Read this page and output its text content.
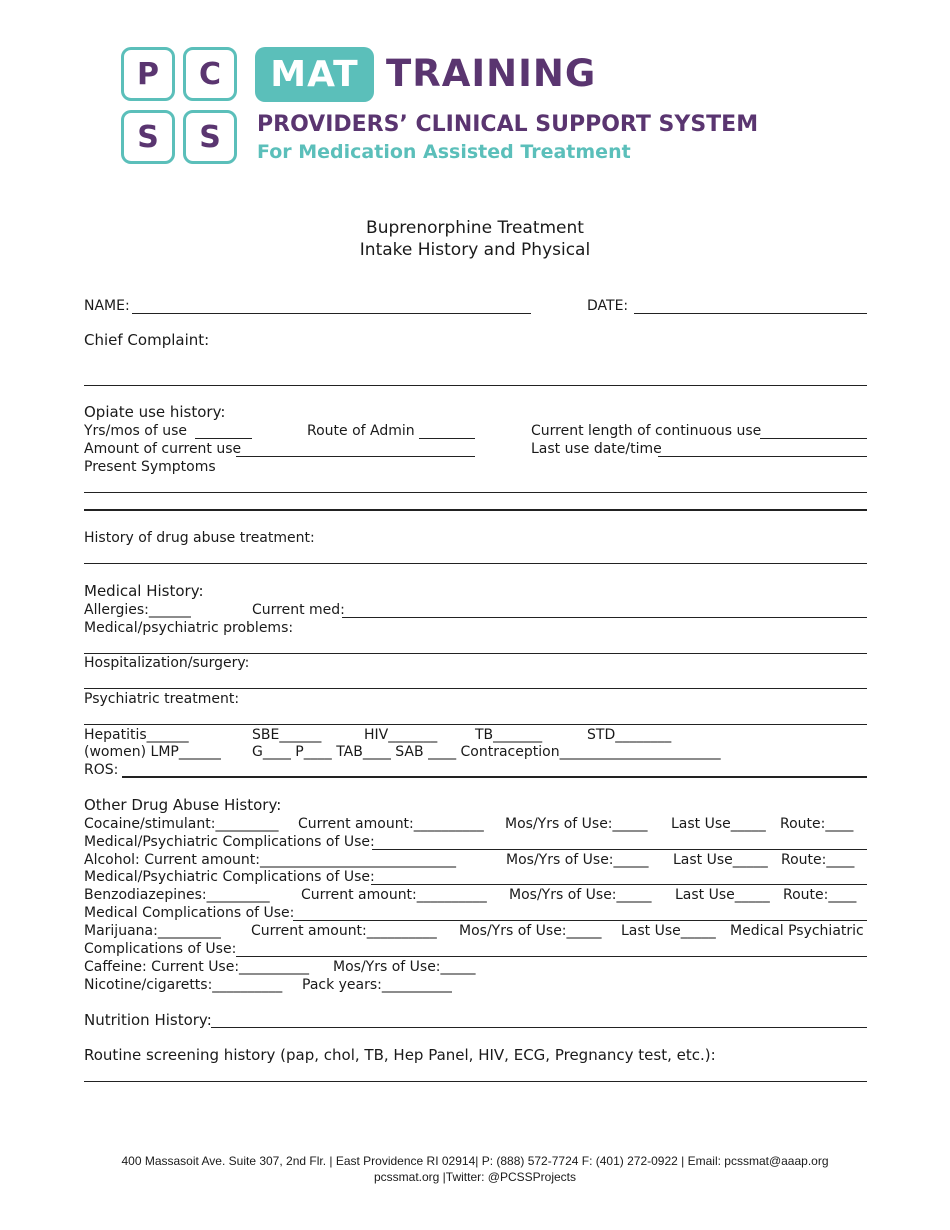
P	C
S	S
MAT TRAINING
PROVIDERS’ CLINICAL SUPPORT SYSTEM
For Medication Assisted Treatment
Buprenorphine Treatment
Intake History and Physical
NAME:	DATE:
Chief Complaint:
Opiate use history:
Yrs/mos of use	Route of Admin	Current length of continuous use
Amount of current use	Last use date/time
Present Symptoms
History of drug abuse treatment:
Medical History:
Allergies:______	Current med:
Medical/psychiatric problems:
Hospitalization/surgery:
Psychiatric treatment:
Hepatitis______	SBE______	HIV_______	TB_______	STD________
(women) LMP______ G____ P____ TAB____ SAB ____ Contraception_______________________
ROS:
Other Drug Abuse History:
Cocaine/stimulant:_________ Current amount:__________ Mos/Yrs of Use:_____ Last Use_____ Route:____
Medical/Psychiatric Complications of Use:
Alcohol: Current amount:____________________________	Mos/Yrs of Use:_____ Last Use_____ Route:____
Medical/Psychiatric Complications of Use:
Benzodiazepines:_________ Current amount:__________ Mos/Yrs of Use:_____ Last Use_____ Route:____
Medical Complications of Use:
Marijuana:_________ Current amount:__________ Mos/Yrs of Use:_____ Last Use_____ Medical Psychiatric
Complications of Use:
Caffeine: Current Use:__________ Mos/Yrs of Use:_____
Nicotine/cigaretts:__________ Pack years:__________
Nutrition History:
Routine screening history (pap, chol, TB, Hep Panel, HIV, ECG, Pregnancy test, etc.):
400 Massasoit Ave. Suite 307, 2nd Flr. | East Providence RI 02914| P: (888) 572-7724 F: (401) 272-0922 | Email: pcssmat@aaap.org
pcssmat.org |Twitter: @PCSSProjects
